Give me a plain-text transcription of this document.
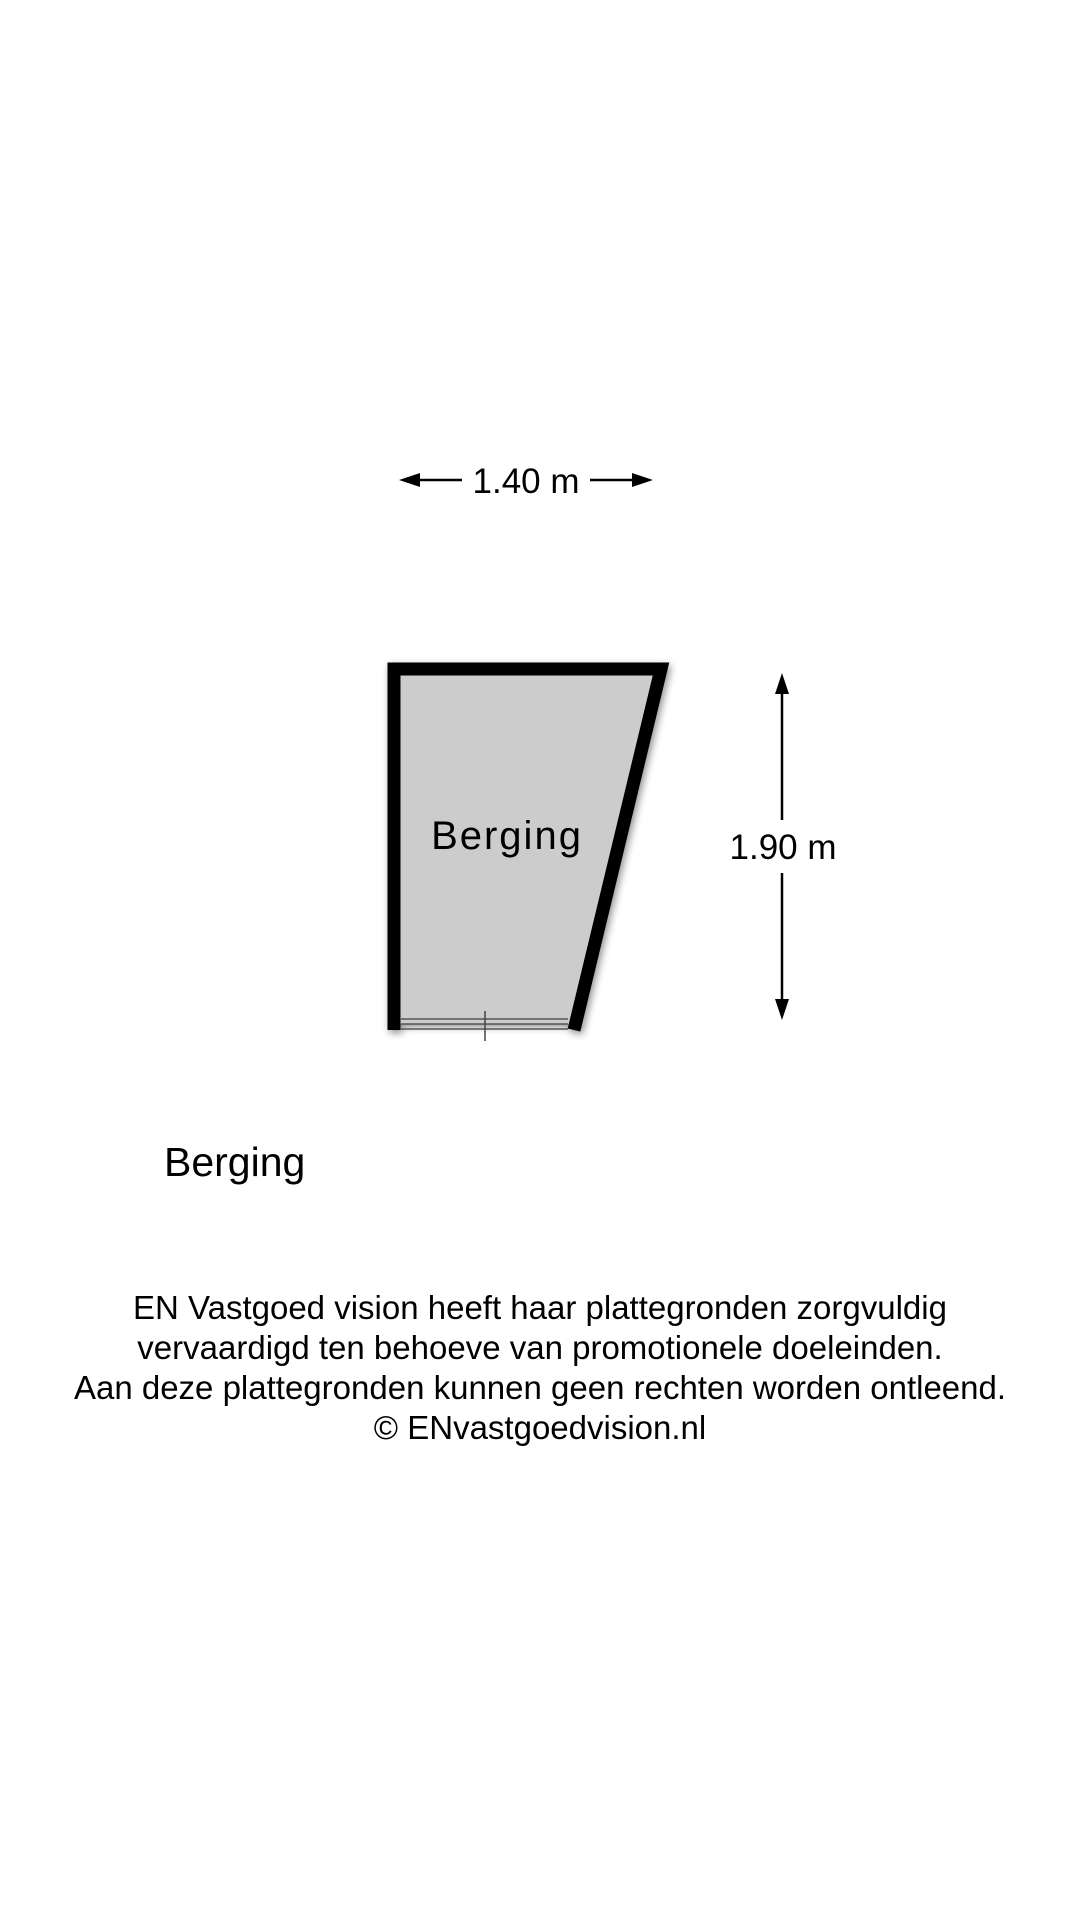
1.40 m
Berging	1.90 m
Berging
EN Vastgoed vision heeft haar plattegronden zorgvuldig
vervaardigd ten behoeve van promotionele doeleinden.
Aan deze plattegronden kunnen geen rechten worden ontleend.
© ENvastgoedvision.nl
